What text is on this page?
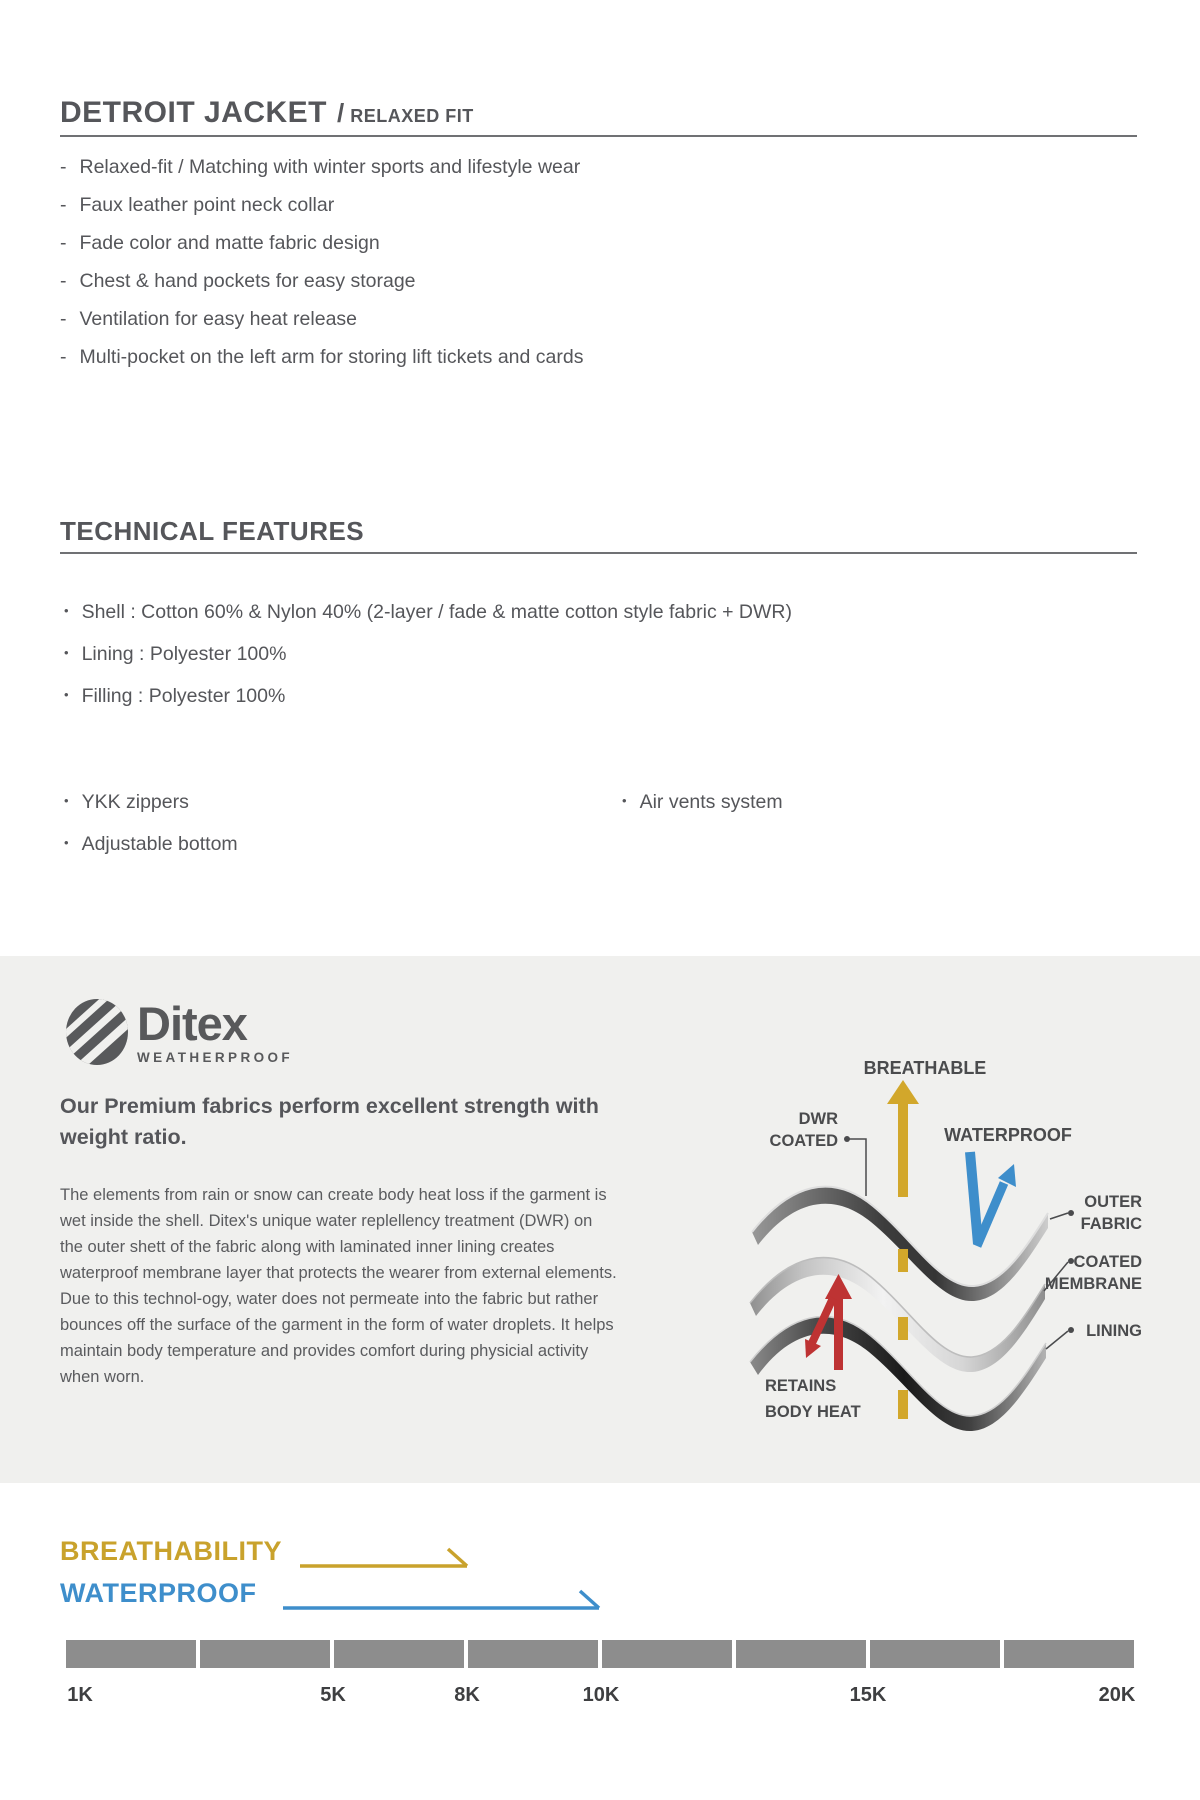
DETROIT JACKET / RELAXED FIT
- Relaxed-fit / Matching with winter sports and lifestyle wear
- Faux leather point neck collar
- Fade color and matte fabric design
- Chest & hand pockets for easy storage
- Ventilation for easy heat release
- Multi-pocket on the left arm for storing lift tickets and cards
TECHNICAL FEATURES
• Shell : Cotton 60% & Nylon 40% (2-layer / fade & matte cotton style fabric + DWR)
• Lining : Polyester 100%
• Filling : Polyester 100%
• YKK zippers
• Adjustable bottom
• Air vents system
Ditex
WEATHERPROOF

Our Premium fabrics perform excellent strength with weight ratio.

The elements from rain or snow can create body heat loss if the garment is wet inside the shell. Ditex's unique water replellency treatment (DWR) on the outer shett of the fabric along with laminated inner lining creates waterproof membrane layer that protects the wearer from external elements. Due to this technol-ogy, water does not permeate into the fabric but rather bounces off the surface of the garment in the form of water droplets. It helps maintain body temperature and provides comfort during physicial activity when worn.

BREATHABLE
WATERPROOF
DWR
COATED
OUTER
FABRIC
COATED
MEMBRANE
LINING
RETAINS
BODY HEAT

BREATHABILITY

WATERPROOF

1K	5K	8K	10K	15K	20K
